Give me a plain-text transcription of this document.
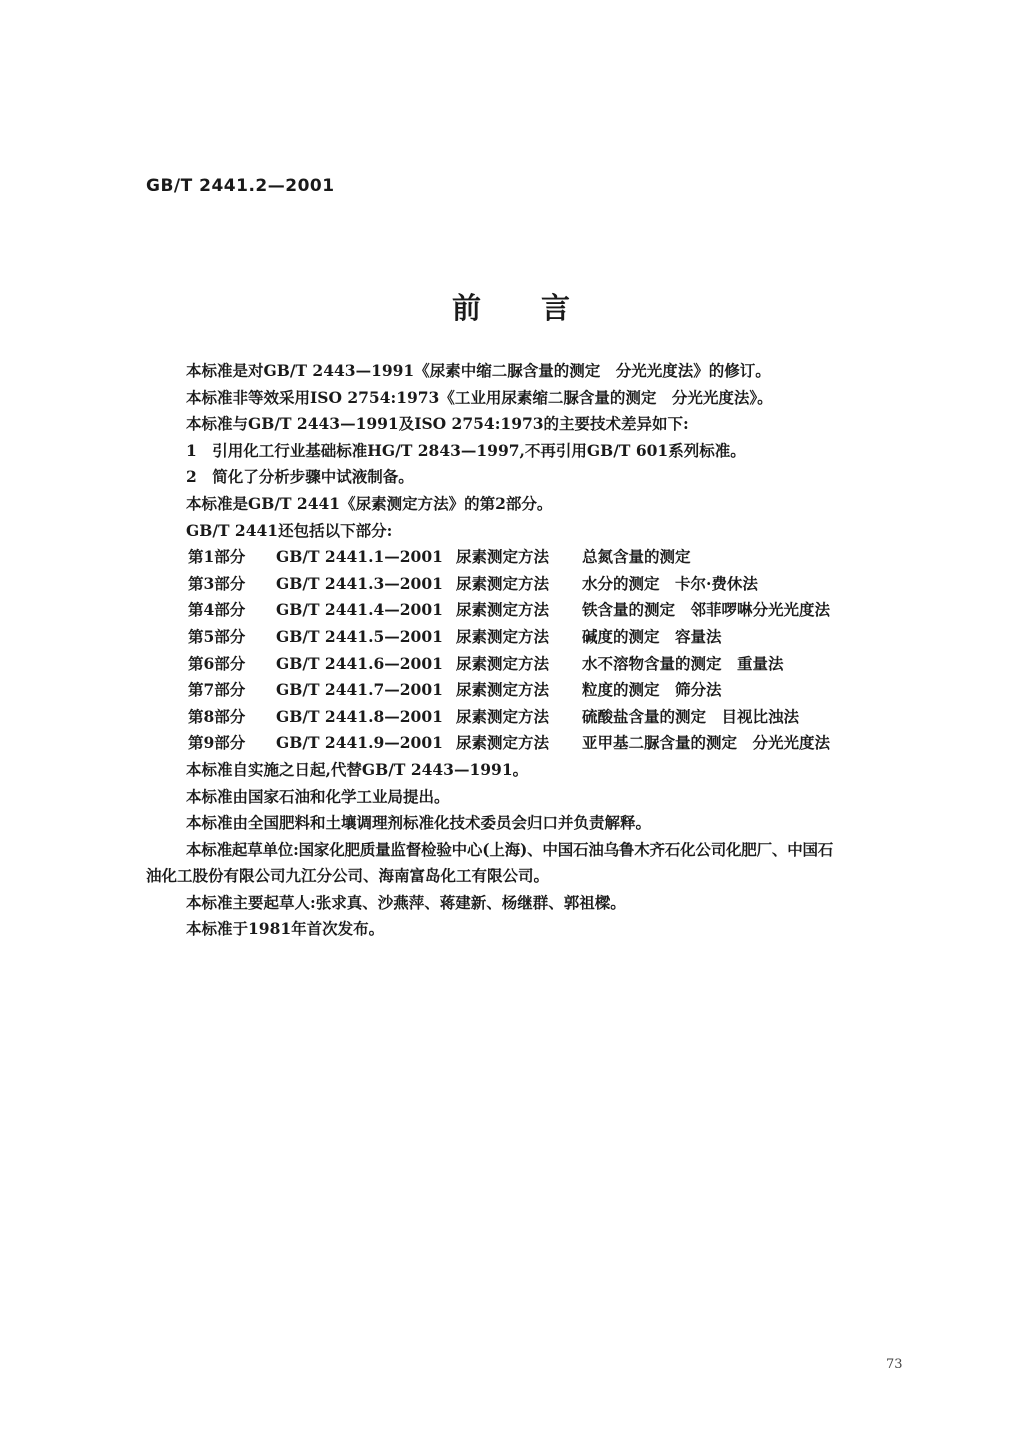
GB/T 2441.2—2001
前 言
本标准是对GB/T 2443—1991《尿素中缩二脲含量的测定　分光光度法》的修订。
本标准非等效采用ISO 2754:1973《工业用尿素缩二脲含量的测定　分光光度法》。
本标准与GB/T 2443—1991及ISO 2754:1973的主要技术差异如下:
1　引用化工行业基础标准HG/T 2843—1997,不再引用GB/T 601系列标准。
2　简化了分析步骤中试液制备。
本标准是GB/T 2441《尿素测定方法》的第2部分。
GB/T 2441还包括以下部分:
第1部分	GB/T 2441.1—2001 尿素测定方法	总氮含量的测定
第3部分	GB/T 2441.3—2001 尿素测定方法	水分的测定　卡尔·费休法
第4部分	GB/T 2441.4—2001 尿素测定方法	铁含量的测定　邻菲啰啉分光光度法
第5部分	GB/T 2441.5—2001 尿素测定方法	碱度的测定　容量法
第6部分	GB/T 2441.6—2001 尿素测定方法	水不溶物含量的测定　重量法
第7部分	GB/T 2441.7—2001 尿素测定方法	粒度的测定　筛分法
第8部分	GB/T 2441.8—2001 尿素测定方法	硫酸盐含量的测定　目视比浊法
第9部分	GB/T 2441.9—2001 尿素测定方法	亚甲基二脲含量的测定　分光光度法
本标准自实施之日起,代替GB/T 2443—1991。
本标准由国家石油和化学工业局提出。
本标准由全国肥料和土壤调理剂标准化技术委员会归口并负责解释。
本标准起草单位:国家化肥质量监督检验中心(上海)、中国石油乌鲁木齐石化公司化肥厂、中国石
油化工股份有限公司九江分公司、海南富岛化工有限公司。
本标准主要起草人:张求真、沙燕萍、蒋建新、杨继群、郭祖樑。
本标准于1981年首次发布。
73
